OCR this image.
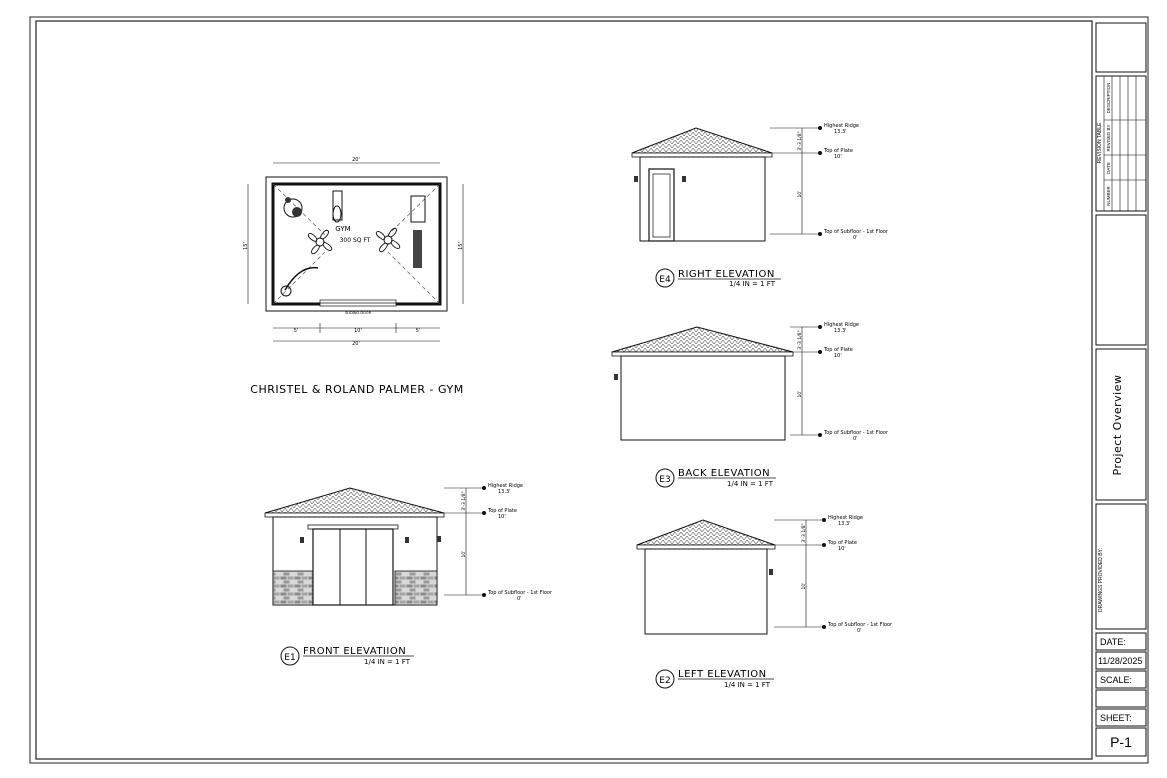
SLIDING DOOR
GYM
300 SQ FT
20'
15'	15'
5'	10'	5'
20'
CHRISTEL & ROLAND PALMER - GYM
Highest Ridge
13.3'
Top of Plate
10'
Top of Subfloor - 1st Floor
0'
3'-3 1/8"
10'
Highest Ridge
13.3'
Top of Plate
10'
Top of Subfloor - 1st Floor
0'
3'-3 1/8"
10'
Highest Ridge
13.3'
Top of Plate
10'
Top of Subfloor - 1st Floor
0'
3'-3 1/8"
10'
Highest Ridge
13.3'
Top of Plate
10'
Top of Subfloor - 1st Floor
0'
3'-3 1/8"
10'
E4 RIGHT ELEVATION
1/4 IN = 1 FT
E3
BACK ELEVATION
1/4 IN = 1 FT
E1
FRONT ELEVATIION
1/4 IN = 1 FT
E2
LEFT ELEVATION
1/4 IN = 1 FT
REVISION TABLE
NUMBER
DATE
REVISED BY
DESCRIPTION
Project Overview
DRAWINGS PROVIDED BY:
DATE:
11/28/2025
SCALE:
SHEET:
P-1
